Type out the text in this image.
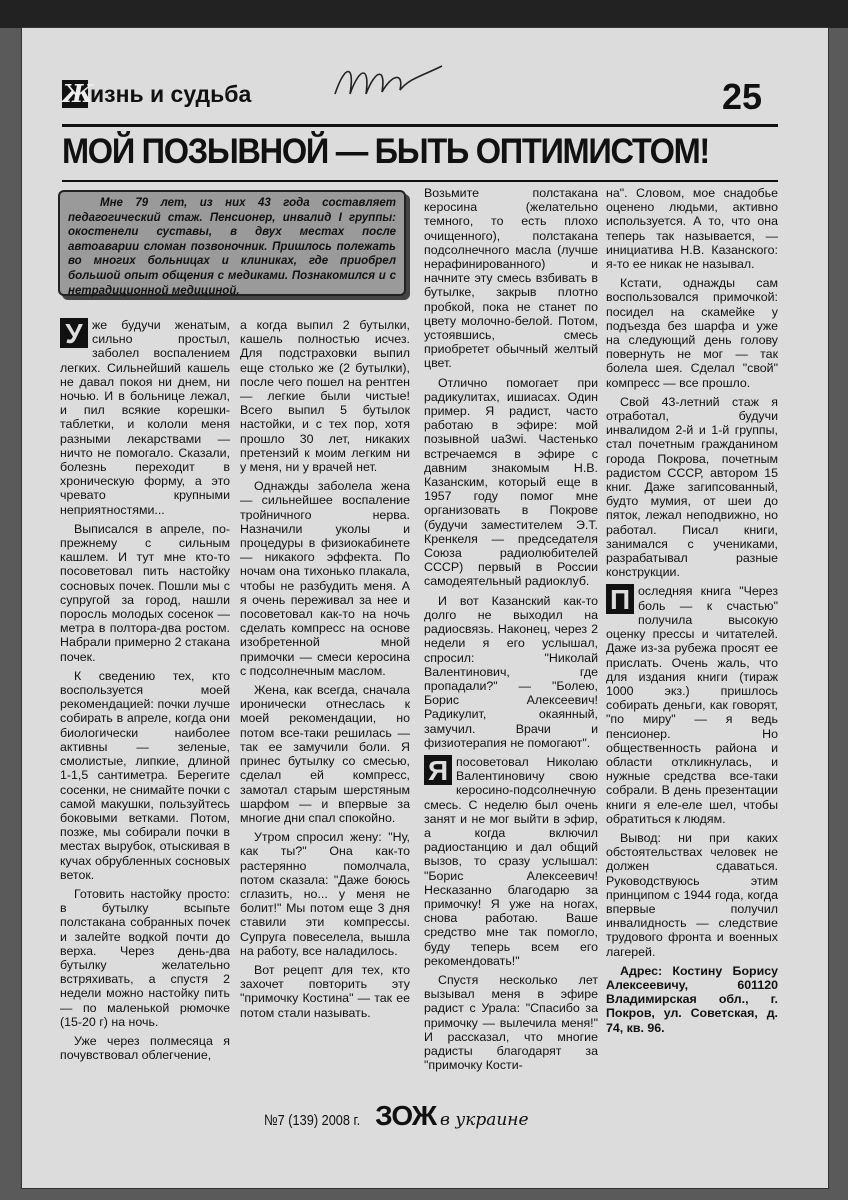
Ж
изнь и судьба	25
МОЙ ПОЗЫВНОЙ — БЫТЬ ОПТИМИСТОМ!
Мне 79 лет, из них 43 года составляет педагогический стаж. Пенсионер, инвалид I группы: окостенели суставы, в двух местах после автоаварии сломан позвоночник. Пришлось полежать во многих больницах и клиниках, где приобрел большой опыт общения с медиками. Познакомился и с нетрадиционной медициной.

У же будучи женатым, сильно простыл, заболел воспалением легких. Сильнейший кашель не давал покоя ни днем, ни ночью. И в больнице лежал, и пил всякие корешки-таблетки, и кололи меня разными лекарствами — ничто не помогало. Сказали, болезнь переходит в хроническую форму, а это чревато крупными неприятностями...

Выписался в апреле, по-прежнему с сильным кашлем. И тут мне кто-то посоветовал пить настойку сосновых почек. Пошли мы с супругой за город, нашли поросль молодых сосенок — метра в полтора-два ростом. Набрали примерно 2 стакана почек.

К сведению тех, кто воспользуется моей рекомендацией: почки лучше собирать в апреле, когда они биологически наиболее активны — зеленые, смолистые, липкие, длиной 1-1,5 сантиметра. Берегите сосенки, не снимайте почки с самой макушки, пользуйтесь боковыми ветками. Потом, позже, мы собирали почки в местах вырубок, отыскивая в кучах обрубленных сосновых веток.

Готовить настойку просто: в бутылку всыпьте полстакана собранных почек и залейте водкой почти до верха. Через день-два бутылку желательно встряхивать, а спустя 2 недели можно настойку пить — по маленькой рюмочке (15-20 г) на ночь.

Уже через полмесяца я почувствовал облегчение,

а когда выпил 2 бутылки, кашель полностью исчез. Для подстраховки выпил еще столько же (2 бутылки), после чего пошел на рентген — легкие были чистые! Всего выпил 5 бутылок настойки, и с тех пор, хотя прошло 30 лет, никаких претензий к моим легким ни у меня, ни у врачей нет.

Однажды заболела жена — сильнейшее воспаление тройничного нерва. Назначили уколы и процедуры в физиокабинете — никакого эффекта. По ночам она тихонько плакала, чтобы не разбудить меня. А я очень переживал за нее и посоветовал как-то на ночь сделать компресс на основе изобретенной мной примочки — смеси керосина с подсолнечным маслом.

Жена, как всегда, сначала иронически отнеслась к моей рекомендации, но потом все-таки решилась — так ее замучили боли. Я принес бутылку со смесью, сделал ей компресс, замотал старым шерстяным шарфом — и впервые за многие дни спал спокойно.

Утром спросил жену: "Ну, как ты?" Она как-то растерянно помолчала, потом сказала: "Даже боюсь сглазить, но... у меня не болит!" Мы потом еще 3 дня ставили эти компрессы. Супруга повеселела, вышла на работу, все наладилось.

Вот рецепт для тех, кто захочет повторить эту "примочку Костина" — так ее потом стали называть.

Возьмите полстакана керосина (желательно темного, то есть плохо очищенного), полстакана подсолнечного масла (лучше нерафинированного) и начните эту смесь взбивать в бутылке, закрыв плотно пробкой, пока не станет по цвету молочно-белой. Потом, устоявшись, смесь приобретет обычный желтый цвет.

Отлично помогает при радикулитах, ишиасах. Один пример. Я радист, часто работаю в эфире: мой позывной ua3wi. Частенько встречаемся в эфире с давним знакомым Н.В. Казанским, который еще в 1957 году помог мне организовать в Покрове (будучи заместителем Э.Т. Кренкеля — председателя Союза радиолюбителей СССР) первый в России самодеятельный радиоклуб.

И вот Казанский как-то долго не выходил на радиосвязь. Наконец, через 2 недели я его услышал, спросил: "Николай Валентинович, где пропадали?" — "Болею, Борис Алексеевич! Радикулит, окаянный, замучил. Врачи и физиотерапия не помогают".

Я посоветовал Николаю Валентиновичу свою керосино-подсолнечную смесь. С неделю был очень занят и не мог выйти в эфир, а когда включил радиостанцию и дал общий вызов, то сразу услышал: "Борис Алексеевич! Несказанно благодарю за примочку! Я уже на ногах, снова работаю. Ваше средство мне так помогло, буду теперь всем его рекомендовать!"

Спустя несколько лет вызывал меня в эфире радист с Урала: "Спасибо за примочку — вылечила меня!" И рассказал, что многие радисты благодарят за "примочку Кости-

на". Словом, мое снадобье оценено людьми, активно используется. А то, что она теперь так называется, — инициатива Н.В. Казанского: я-то ее никак не называл.

Кстати, однажды сам воспользовался примочкой: посидел на скамейке у подъезда без шарфа и уже на следующий день голову повернуть не мог — так болела шея. Сделал "свой" компресс — все прошло.

Свой 43-летний стаж я отработал, будучи инвалидом 2-й и 1-й группы, стал почетным гражданином города Покрова, почетным радистом СССР, автором 15 книг. Даже загипсованный, будто мумия, от шеи до пяток, лежал неподвижно, но работал. Писал книги, занимался с учениками, разрабатывал разные конструкции.

П оследняя книга "Через боль — к счастью" получила высокую оценку прессы и читателей. Даже из-за рубежа просят ее прислать. Очень жаль, что для издания книги (тираж 1000 экз.) пришлось собирать деньги, как говорят, "по миру" — я ведь пенсионер. Но общественность района и области откликнулась, и нужные средства все-таки собрали. В день презентации книги я еле-еле шел, чтобы обратиться к людям.

Вывод: ни при каких обстоятельствах человек не должен сдаваться. Руководствуюсь этим принципом с 1944 года, когда впервые получил инвалидность — следствие трудового фронта и военных лагерей.

Адрес: Костину Борису Алексеевичу, 601120 Владимирская обл., г. Покров, ул. Советская, д. 74, кв. 96.

№7 (139) 2008 г. ЗОЖ в украине
